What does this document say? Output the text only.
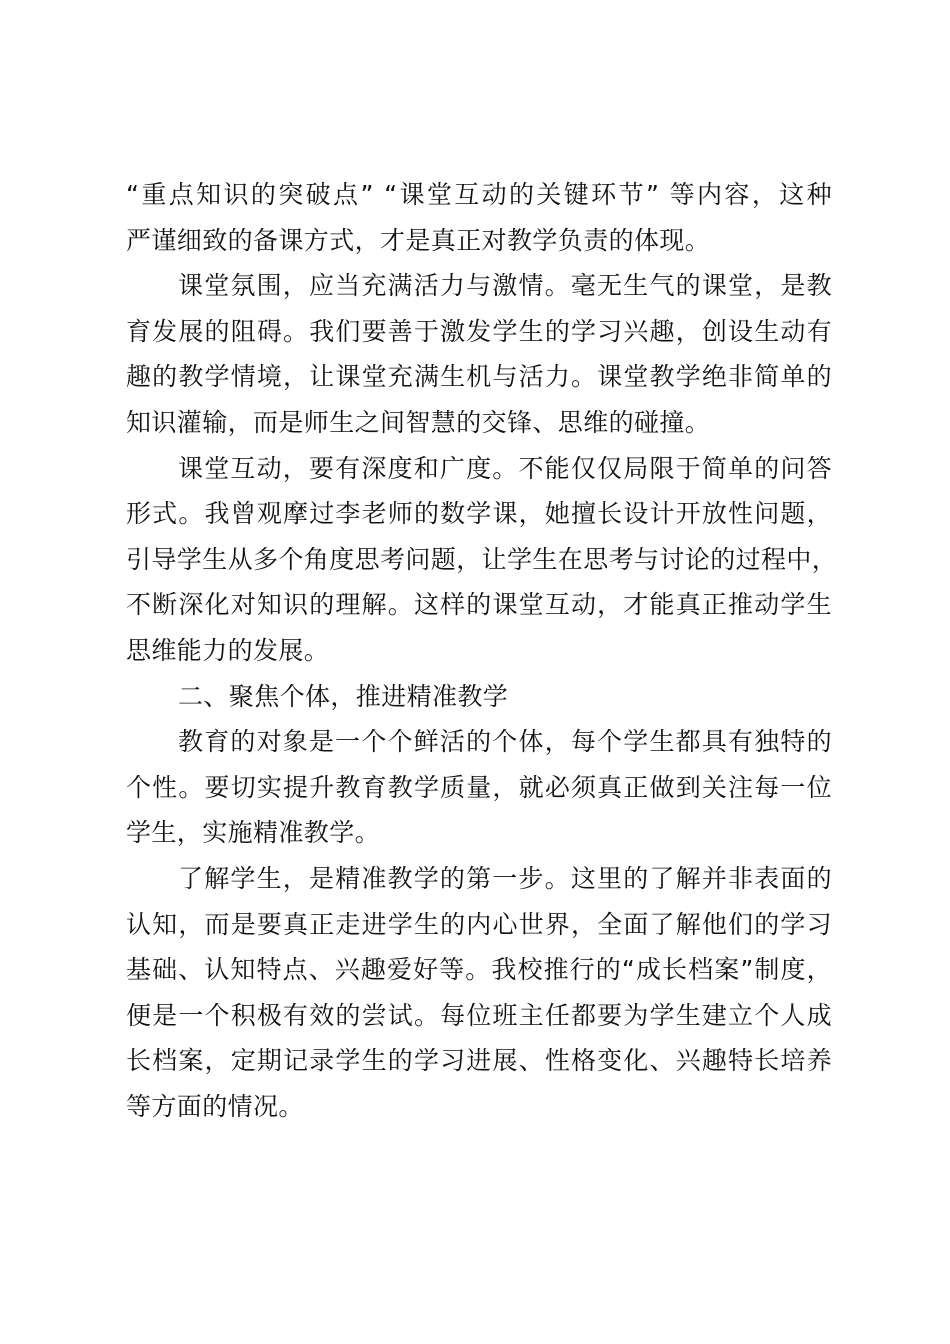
“重点知识的突破点” “课堂互动的关键环节” 等内容，这种
严谨细致的备课方式，才是真正对教学负责的体现。
课堂氛围，应当充满活力与激情。毫无生气的课堂，是教
育发展的阻碍。我们要善于激发学生的学习兴趣，创设生动有
趣的教学情境，让课堂充满生机与活力。课堂教学绝非简单的
知识灌输，而是师生之间智慧的交锋、思维的碰撞。
课堂互动，要有深度和广度。不能仅仅局限于简单的问答
形式。我曾观摩过李老师的数学课，她擅长设计开放性问题，
引导学生从多个角度思考问题，让学生在思考与讨论的过程中，
不断深化对知识的理解。这样的课堂互动，才能真正推动学生
思维能力的发展。
二、聚焦个体，推进精准教学
教育的对象是一个个鲜活的个体，每个学生都具有独特的
个性。要切实提升教育教学质量，就必须真正做到关注每一位
学生，实施精准教学。
了解学生，是精准教学的第一步。这里的了解并非表面的
认知，而是要真正走进学生的内心世界，全面了解他们的学习
基础、认知特点、兴趣爱好等。我校推行的“成长档案”制度，
便是一个积极有效的尝试。每位班主任都要为学生建立个人成
长档案，定期记录学生的学习进展、性格变化、兴趣特长培养
等方面的情况。
